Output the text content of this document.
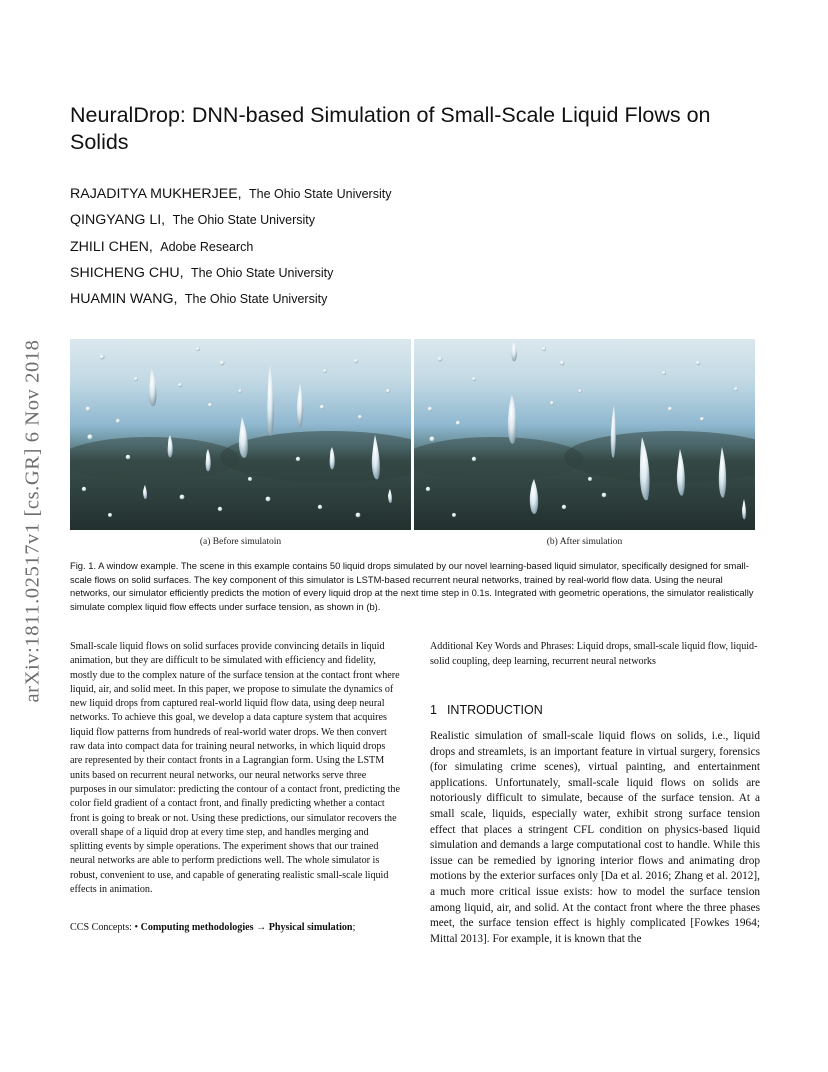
arXiv:1811.02517v1 [cs.GR] 6 Nov 2018
NeuralDrop: DNN-based Simulation of Small-Scale Liquid Flows on Solids
RAJADITYA MUKHERJEE, The Ohio State University
QINGYANG LI, The Ohio State University
ZHILI CHEN, Adobe Research
SHICHENG CHU, The Ohio State University
HUAMIN WANG, The Ohio State University
(a) Before simulatoin	(b) After simulation

Fig. 1. A window example. The scene in this example contains 50 liquid drops simulated by our novel learning-based liquid simulator, specifically designed for small-scale flows on solid surfaces. The key component of this simulator is LSTM-based recurrent neural networks, trained by real-world flow data. Using the neural networks, our simulator efficiently predicts the motion of every liquid drop at the next time step in 0.1s. Integrated with geometric operations, the simulator realistically simulate complex liquid flow effects under surface tension, as shown in (b).

Small-scale liquid flows on solid surfaces provide convincing details in liquid animation, but they are difficult to be simulated with efficiency and fidelity, mostly due to the complex nature of the surface tension at the contact front where liquid, air, and solid meet. In this paper, we propose to simulate the dynamics of new liquid drops from captured real-world liquid flow data, using deep neural networks. To achieve this goal, we develop a data capture system that acquires liquid flow patterns from hundreds of real-world water drops. We then convert raw data into compact data for training neural networks, in which liquid drops are represented by their contact fronts in a Lagrangian form. Using the LSTM units based on recurrent neural networks, our neural networks serve three purposes in our simulator: predicting the contour of a contact front, predicting the color field gradient of a contact front, and finally predicting whether a contact front is going to break or not. Using these predictions, our simulator recovers the overall shape of a liquid drop at every time step, and handles merging and splitting events by simple operations. The experiment shows that our trained neural networks are able to perform predictions well. The whole simulator is robust, convenient to use, and capable of generating realistic small-scale liquid effects in animation.

CCS Concepts: • Computing methodologies → Physical simulation;

Additional Key Words and Phrases: Liquid drops, small-scale liquid flow, liquid-solid coupling, deep learning, recurrent neural networks

1 INTRODUCTION

Realistic simulation of small-scale liquid flows on solids, i.e., liquid drops and streamlets, is an important feature in virtual surgery, forensics (for simulating crime scenes), virtual painting, and entertainment applications. Unfortunately, small-scale liquid flows on solids are notoriously difficult to simulate, because of the surface tension. At a small scale, liquids, especially water, exhibit strong surface tension effect that places a stringent CFL condition on physics-based liquid simulation and demands a large computational cost to handle. While this issue can be remedied by ignoring interior flows and animating drop motions by the exterior surfaces only [Da et al. 2016; Zhang et al. 2012], a much more critical issue exists: how to model the surface tension among liquid, air, and solid. At the contact front where the three phases meet, the surface tension effect is highly complicated [Fowkes 1964; Mittal 2013]. For example, it is known that the
